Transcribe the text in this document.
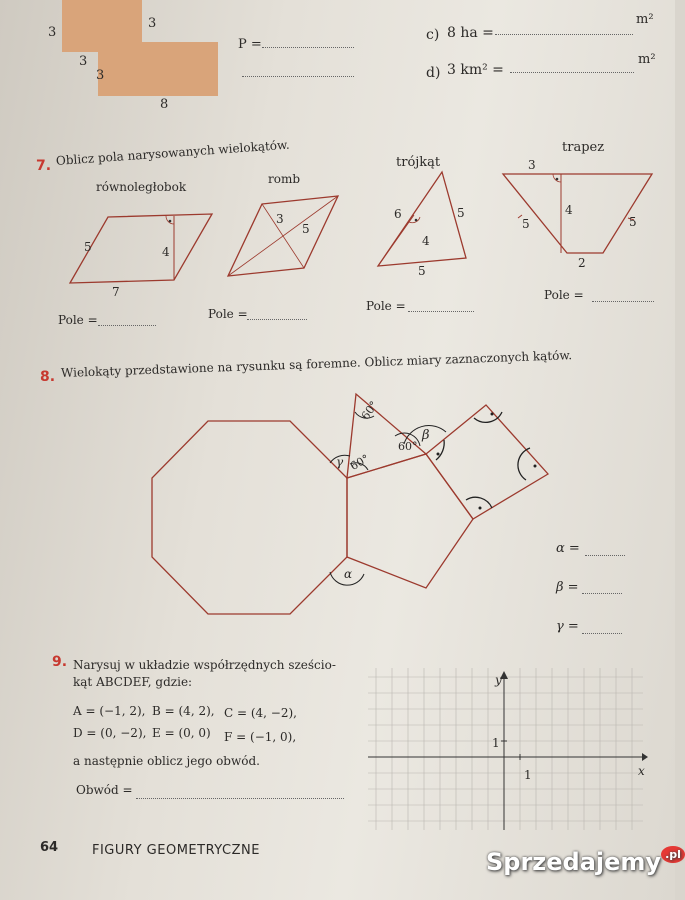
3
3
3
3
8
P =
c) 8 ha =
m²
d) 3 km² =
m²
7. Oblicz pola narysowanych wielokątów.
równoległobok
romb
trójkąt
trapez
5	4
7
3
5
6	5
4
5
3
5
4
5
2
Pole =	Pole =
Pole =
Pole =
8. Wielokąty przedstawione na rysunku są foremne. Oblicz miary zaznaczonych kątów.
60°
60°
60°
β
γ
α
α =
β =
γ =
9. Narysuj w układzie współrzędnych sześcio-
kąt ABCDEF, gdzie:
A = (−1, 2), B = (4, 2), C = (4, −2),
D = (0, −2), E = (0, 0) F = (−1, 0),
a następnie oblicz jego obwód.
Obwód =
y
x
1
1
64	FIGURY GEOMETRYCZNE	Sprzedajemy $^{.pl}$
